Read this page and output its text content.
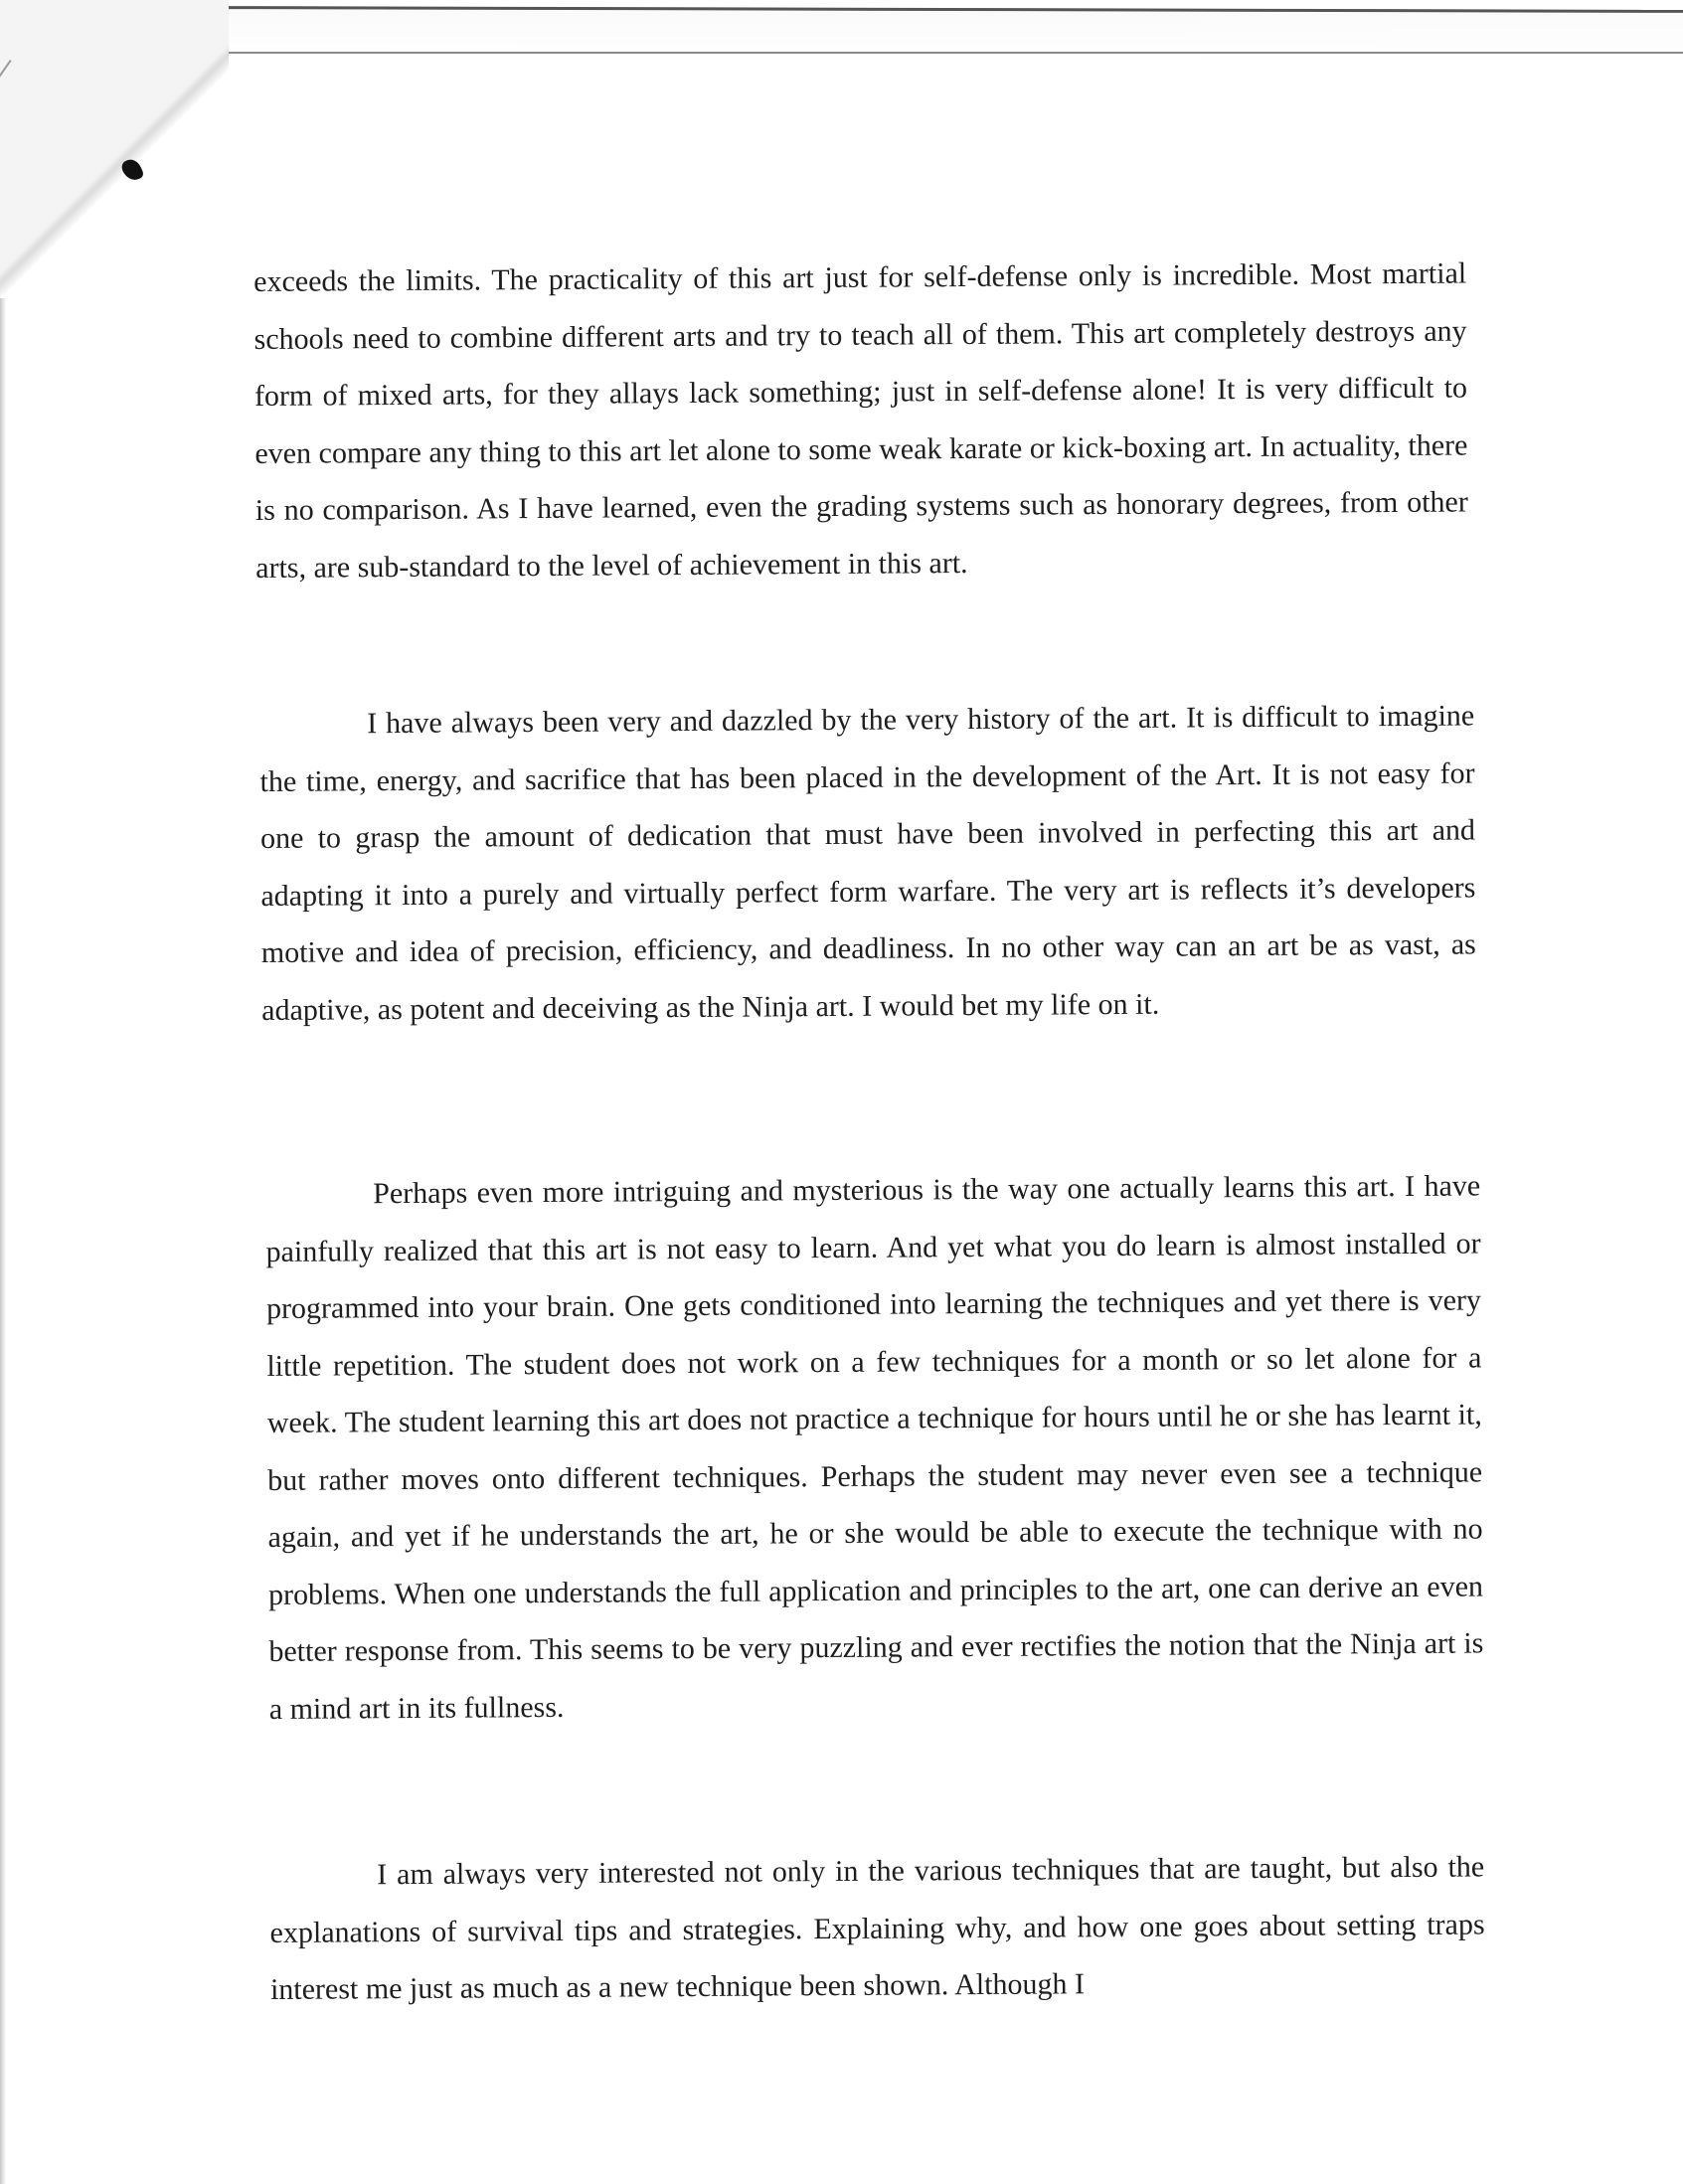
exceeds the limits. The practicality of this art just for self-defense only is incredible. Most martial schools need to combine different arts and try to teach all of them. This art completely destroys any form of mixed arts, for they allays lack something; just in self-defense alone! It is very difficult to even compare any thing to this art let alone to some weak karate or kick-boxing art. In actuality, there is no comparison. As I have learned, even the grading systems such as honorary degrees, from other arts, are sub-standard to the level of achievement in this art.

I have always been very and dazzled by the very history of the art. It is difficult to imagine the time, energy, and sacrifice that has been placed in the development of the Art. It is not easy for one to grasp the amount of dedication that must have been involved in perfecting this art and adapting it into a purely and virtually perfect form warfare. The very art is reflects it’s developers motive and idea of precision, efficiency, and deadliness. In no other way can an art be as vast, as adaptive, as potent and deceiving as the Ninja art. I would bet my life on it.

Perhaps even more intriguing and mysterious is the way one actually learns this art. I have painfully realized that this art is not easy to learn. And yet what you do learn is almost installed or programmed into your brain. One gets conditioned into learning the techniques and yet there is very little repetition. The student does not work on a few techniques for a month or so let alone for a week. The student learning this art does not practice a technique for hours until he or she has learnt it, but rather moves onto different techniques. Perhaps the student may never even see a technique again, and yet if he understands the art, he or she would be able to execute the technique with no problems. When one understands the full application and principles to the art, one can derive an even better response from. This seems to be very puzzling and ever rectifies the notion that the Ninja art is a mind art in its fullness.

I am always very interested not only in the various techniques that are taught, but also the explanations of survival tips and strategies. Explaining why, and how one goes about setting traps interest me just as much as a new technique been shown. Although I
